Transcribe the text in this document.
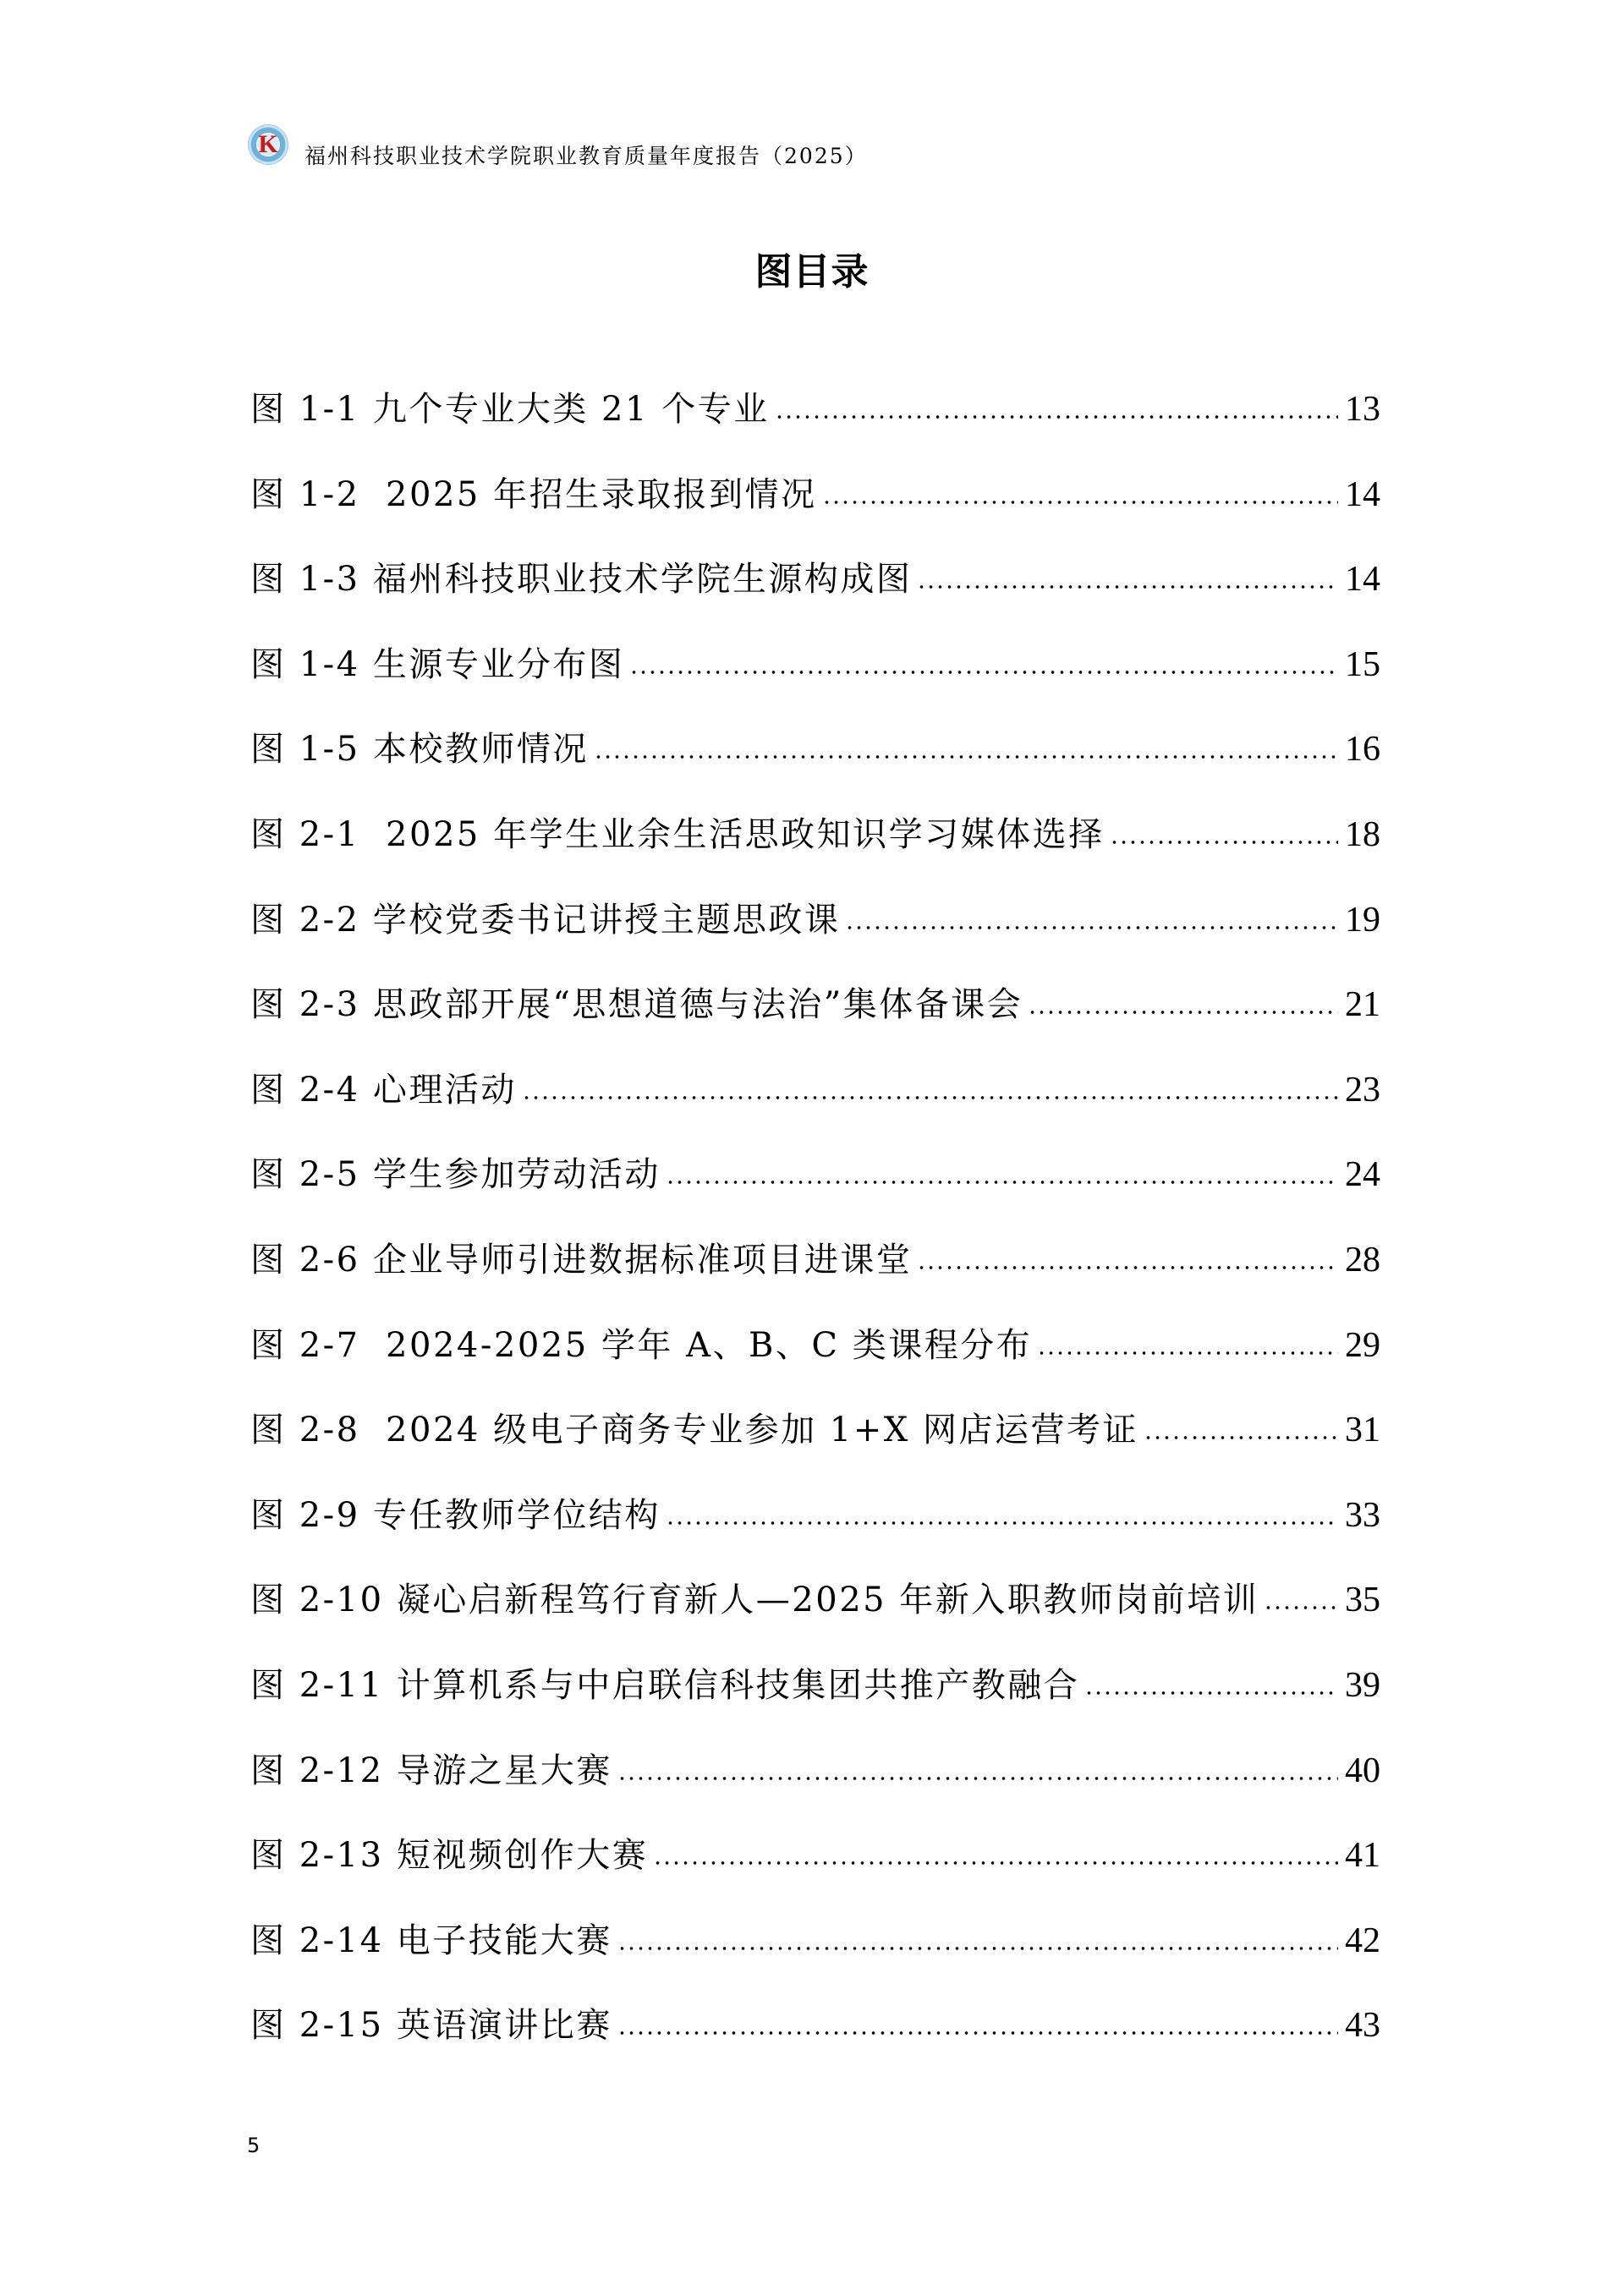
K	福州科技职业技术学院职业教育质量年度报告（2025）
图目录
图 1-1 九个专业大类 21 个专业	13
图 1-2  2025 年招生录取报到情况	14
图 1-3 福州科技职业技术学院生源构成图	14
图 1-4 生源专业分布图	15
图 1-5 本校教师情况	16
图 2-1  2025 年学生业余生活思政知识学习媒体选择	18
图 2-2 学校党委书记讲授主题思政课	19
图 2-3 思政部开展“思想道德与法治”集体备课会	21
图 2-4 心理活动	23
图 2-5 学生参加劳动活动	24
图 2-6 企业导师引进数据标准项目进课堂	28
图 2-7  2024-2025 学年 A、B、C 类课程分布	29
图 2-8  2024 级电子商务专业参加 1+X 网店运营考证	31
图 2-9 专任教师学位结构	33
图 2-10 凝心启新程笃行育新人—2025 年新入职教师岗前培训 35
图 2-11 计算机系与中启联信科技集团共推产教融合	39
图 2-12 导游之星大赛	40
图 2-13 短视频创作大赛	41
图 2-14 电子技能大赛	42
图 2-15 英语演讲比赛	43
5
